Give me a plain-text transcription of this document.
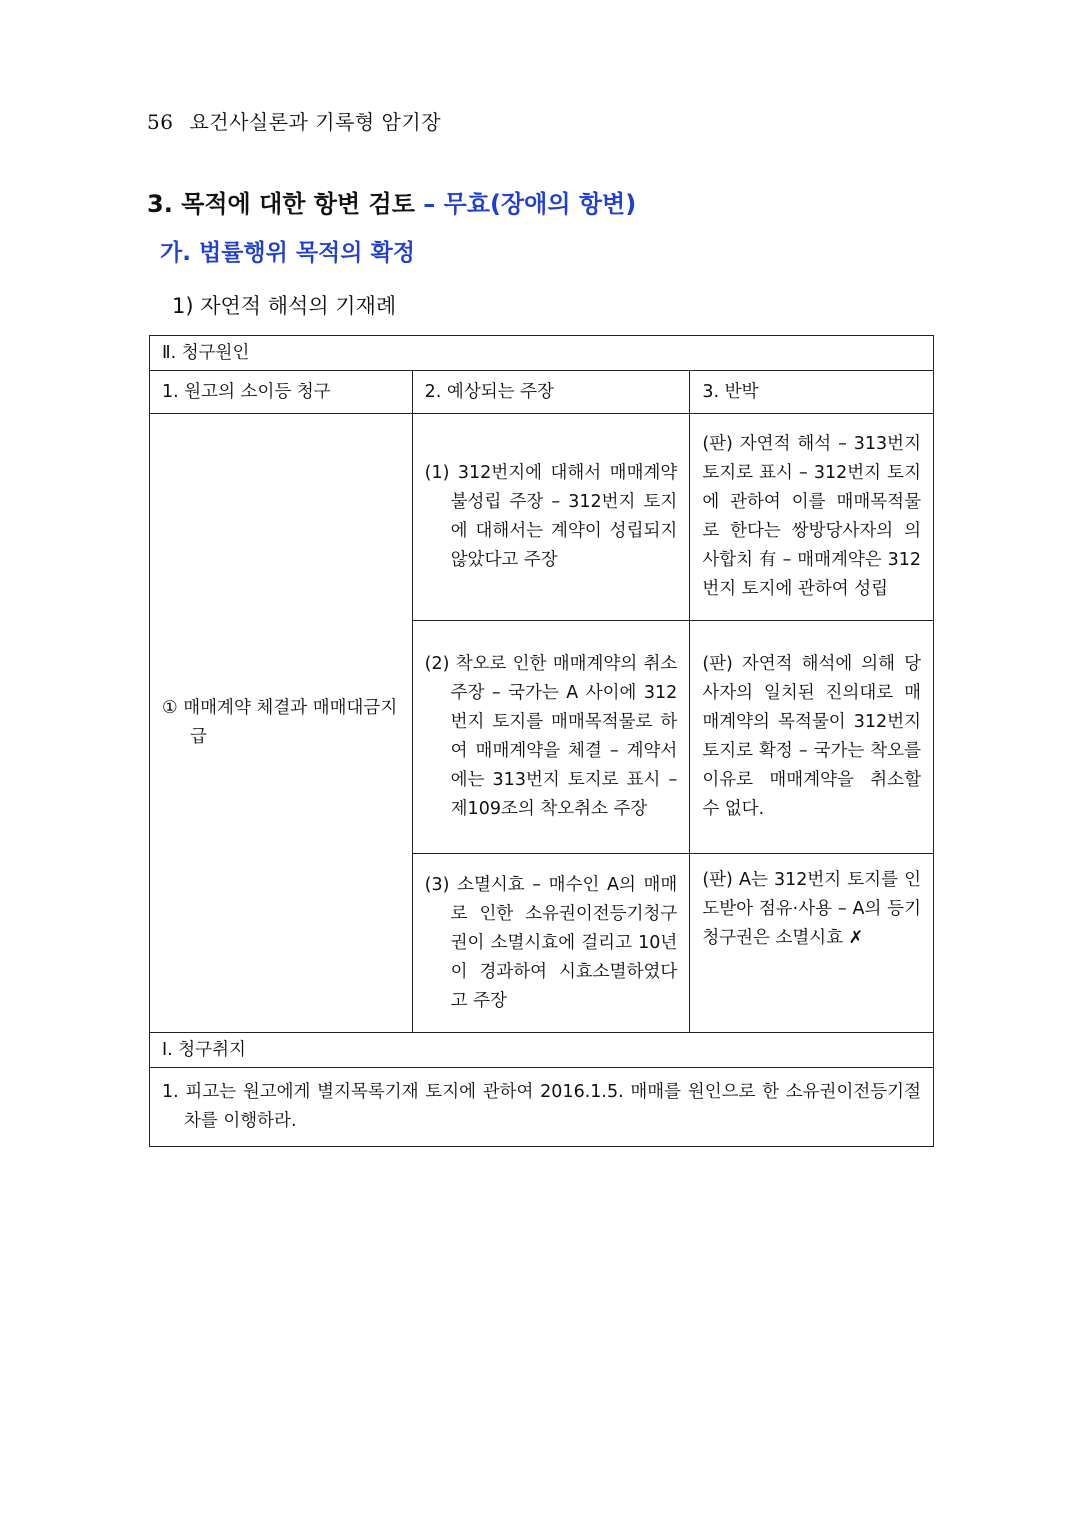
56 요건사실론과 기록형 암기장
3. 목적에 대한 항변 검토 – 무효(장애의 항변)
가. 법률행위 목적의 확정
1) 자연적 해석의 기재례
Ⅱ. 청구원인		
1. 원고의 소이등 청구	2. 예상되는 주장	3. 반박

① 매매계약 체결과 매매대금지급	(1) 312번지에 대해서 매매계약 불성립 주장 – 312번지 토지에 대해서는 계약이 성립되지 않았다고 주장	(판) 자연적 해석 – 313번지 토지로 표시 – 312번지 토지에 관하여 이를 매매목적물로 한다는 쌍방당사자의 의사합치 有 – 매매계약은 312번지 토지에 관하여 성립

	(2) 착오로 인한 매매계약의 취소 주장 – 국가는 A 사이에 312번지 토지를 매매목적물로 하여 매매계약을 체결 – 계약서에는 313번지 토지로 표시 – 제109조의 착오취소 주장	(판) 자연적 해석에 의해 당사자의 일치된 진의대로 매매계약의 목적물이 312번지 토지로 확정 – 국가는 착오를 이유로 매매계약을 취소할 수 없다.

	(3) 소멸시효 – 매수인 A의 매매로 인한 소유권이전등기청구권이 소멸시효에 걸리고 10년이 경과하여 시효소멸하였다고 주장	(판) A는 312번지 토지를 인도받아 점유·사용 – A의 등기청구권은 소멸시효 ✗

Ⅰ. 청구취지		

1. 피고는 원고에게 별지목록기재 토지에 관하여 2016.1.5. 매매를 원인으로 한 소유권이전등기절차를 이행하라.		
